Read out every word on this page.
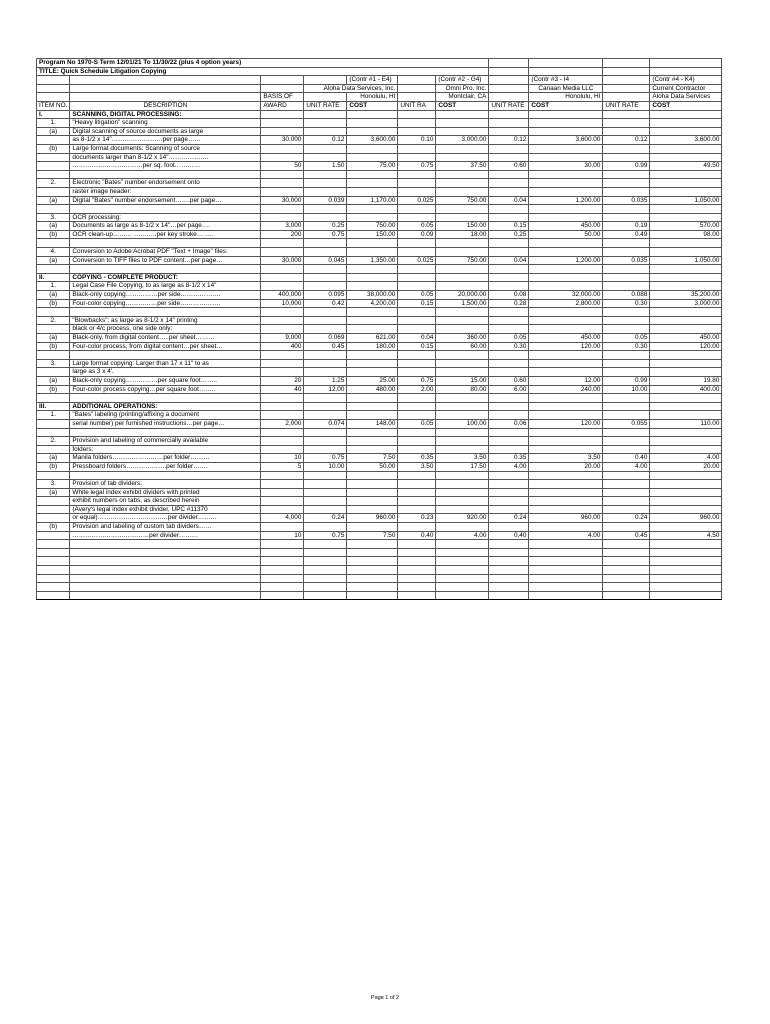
Program No 1970-S Term 12/01/21 To 11/30/22 (plus 4 option years)										
TITLE: Quick Schedule Litigation Copying										
				(Contr #1 - E4)		(Contr #2 - G4)		(Contr #3 - I4		(Contr #4 - K4)
			Aloha Data Services, Inc.			Omni Pro, Inc.		Canaan Media LLC		Current Contractor
		BASIS OF		Honolulu, HI		Montclair, CA		Honolulu, HI		Aloha Data Services
ITEM NO.	DESCRIPTION	AWARD	UNIT RATE	COST	UNIT RA	COST	UNIT RATE	COST	UNIT RATE	COST
I.	SCANNING, DIGITAL PROCESSING:									
1.	"Heavy litigation" scanning									
(a)	Digital scanning of source documents as large									
	as 8-1/2 x 14"……………………per page……	30,000	0.12	3,600.00	0.10	3,000.00	0.12	3,600.00	0.12	3,600.00
(b)	Large format documents: Scanning of source									
	documents larger than 8-1/2 x 14"……………….									
	……………………………per sq. foot…………	50	1.50	75.00	0.75	37.50	0.60	30.00	0.99	49.50

2.	Electronic "Bates" number endorsement onto									
	raster image header:									
(a)	Digital "Bates" number endorsement…….per page…	30,000	0.039	1,170.00	0.025	750.00	0.04	1,200.00	0.035	1,050.00

3.	OCR processing:									
(a)	Documents as large as 8-1/2 x 14"…per page….	3,000	0.25	750.00	0.05	150.00	0.15	450.00	0.19	570.00
(b)	OCR clean-up……… ………..per key stroke… ….	200	0.75	150.00	0.09	18.00	0.25	50.00	0.49	98.00

4.	Conversion to Adobe Acrobat PDF "Text + Image" files:									
(a)	Conversion to TIFF files to PDF content…per page…	30,000	0.045	1,350.00	0.025	750.00	0.04	1,200.00	0.035	1,050.00

II.	COPYING - COMPLETE PRODUCT:									
1.	Legal Case File Copying, to as large as 8-1/2 x 14"									
(a)	Black-only copying……………per side……………….	400,000	0.095	38,000.00	0.05	20,000.00	0.08	32,000.00	0.088	35,200.00
(b)	Four-color copying……………per side……………….	10,000	0.42	4,200.00	0.15	1,500.00	0.28	2,800.00	0.30	3,000.00

2.	"Blowbacks": as large as 8-1/2 x 14" printing									
	black or 4/c process, one side only:									
(a)	Black-only, from digital content…..per sheet………	9,000	0.069	621.00	0.04	360.00	0.05	450.00	0.05	450.00
(b)	Four-color process, from digital content…per sheet…	400	0.45	180.00	0.15	60.00	0.30	120.00	0.30	120.00

3.	Large format copying: Larger than 17 x 11" to as									
	large as 3 x 4'.									
(a)	Black-only copying……………per square foot……..	20	1.25	25.00	0.75	15.00	0.60	12.00	0.99	19.80
(b)	Four-color process copying…per square foot……..	40	12.00	480.00	2.00	80.00	6.00	240.00	10.00	400.00

III.	ADDITIONAL OPERATIONS:									
1.	"Bates" labeling (printing/affixing a document									
	serial number) per furnished instructions…per page…	2,000	0.074	148.00	0.05	100.00	0.06	120.00	0.055	110.00

2.	Provision and labeling of commercially available									
	folders:									
(a)	Manila folders……………………per folder………	10	0.75	7.50	0.35	3.50	0.35	3.50	0.40	4.00
(b)	Pressboard folders……………….per folder…….	5	10.00	50.00	3.50	17.50	4.00	20.00	4.00	20.00

3.	Provision of tab dividers:									
(a)	White legal index exhibit dividers with printed									
	exhibit numbers on tabs, as described herein									
	(Avery's legal index exhibit divider, UPC #11370									
	or equal)……………………………per divider………	4,000	0.24	960.00	0.23	920.00	0.24	960.00	0.24	960.00
(b)	Provision and labeling of custom tab dividers……									
	………………………………per divider………	10	0.75	7.50	0.40	4.00	0.40	4.00	0.45	4.50

Page 1 of 2
